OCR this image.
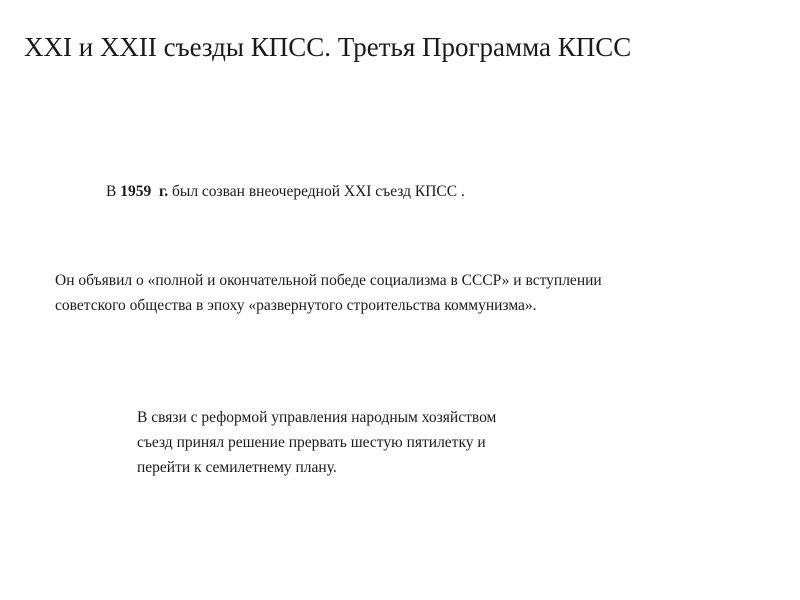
XXI и XXII съезды КПСС. Третья Программа КПСС

В 1959 г. был созван внеочередной XXI съезд КПСС .

Он объявил о «полной и окончательной победе социализма в СССР» и вступлении
советского общества в эпоху «развернутого строительства коммунизма».

В связи с реформой управления народным хозяйством
съезд принял решение прервать шестую пятилетку и
перейти к семилетнему плану.
